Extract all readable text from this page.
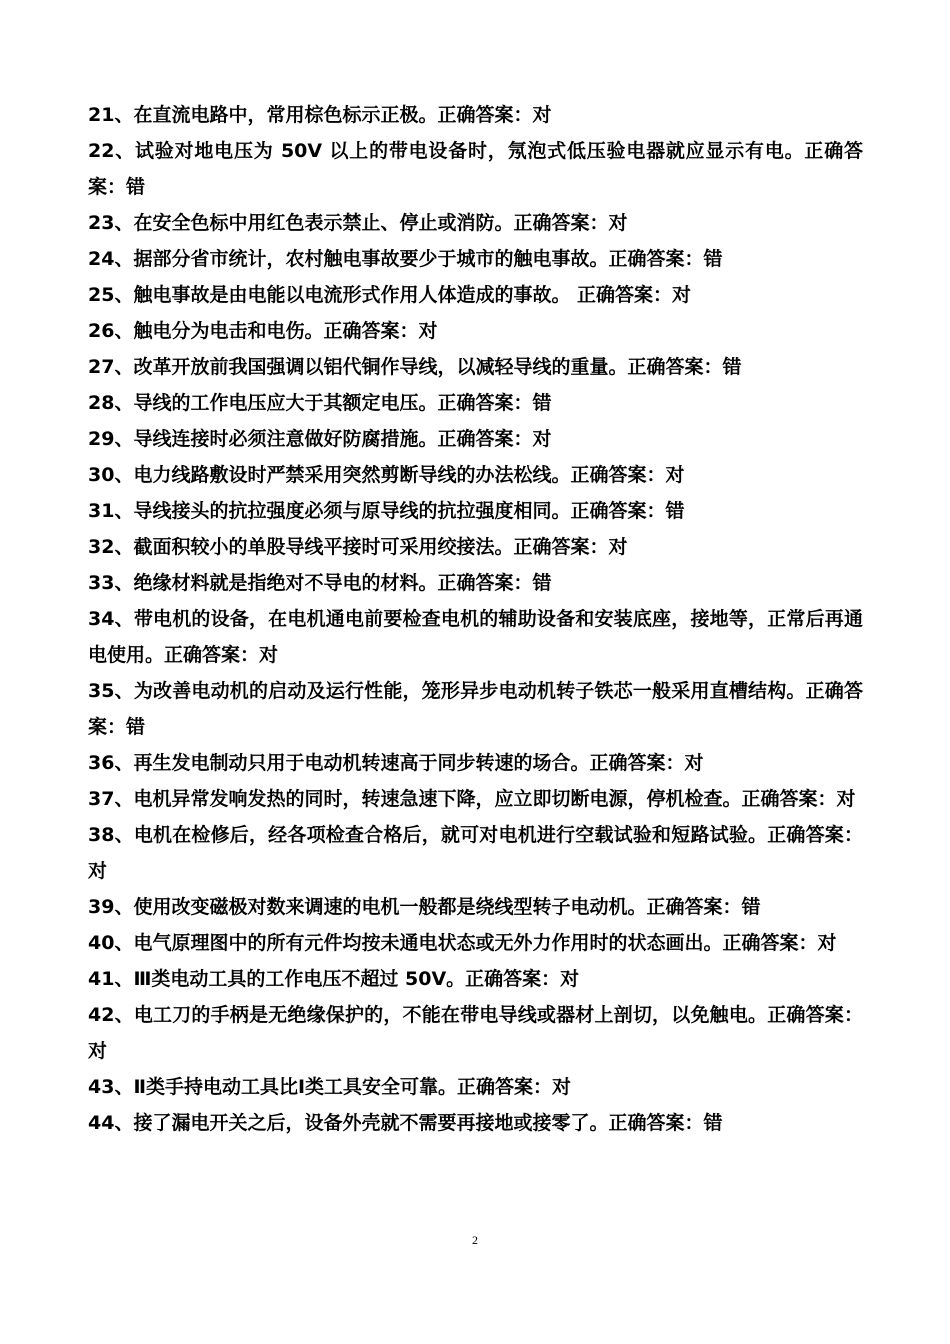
21、在直流电路中，常用棕色标示正极。正确答案：对

22、试验对地电压为 50V 以上的带电设备时，氖泡式低压验电器就应显示有电。正确答案：错

23、在安全色标中用红色表示禁止、停止或消防。正确答案：对

24、据部分省市统计，农村触电事故要少于城市的触电事故。正确答案：错

25、触电事故是由电能以电流形式作用人体造成的事故。 正确答案：对

26、触电分为电击和电伤。正确答案：对

27、改革开放前我国强调以铝代铜作导线，以减轻导线的重量。正确答案：错

28、导线的工作电压应大于其额定电压。正确答案：错

29、导线连接时必须注意做好防腐措施。正确答案：对

30、电力线路敷设时严禁采用突然剪断导线的办法松线。正确答案：对

31、导线接头的抗拉强度必须与原导线的抗拉强度相同。正确答案：错

32、截面积较小的单股导线平接时可采用绞接法。正确答案：对

33、绝缘材料就是指绝对不导电的材料。正确答案：错

34、带电机的设备，在电机通电前要检查电机的辅助设备和安装底座，接地等，正常后再通电使用。正确答案：对

35、为改善电动机的启动及运行性能，笼形异步电动机转子铁芯一般采用直槽结构。正确答案：错

36、再生发电制动只用于电动机转速高于同步转速的场合。正确答案：对

37、电机异常发响发热的同时，转速急速下降，应立即切断电源，停机检查。正确答案：对

38、电机在检修后，经各项检查合格后，就可对电机进行空载试验和短路试验。正确答案：对

39、使用改变磁极对数来调速的电机一般都是绕线型转子电动机。正确答案：错

40、电气原理图中的所有元件均按未通电状态或无外力作用时的状态画出。正确答案：对

41、Ⅲ类电动工具的工作电压不超过 50V。正确答案：对

42、电工刀的手柄是无绝缘保护的，不能在带电导线或器材上剖切，以免触电。正确答案：对

43、Ⅱ类手持电动工具比Ⅰ类工具安全可靠。正确答案：对

44、接了漏电开关之后，设备外壳就不需要再接地或接零了。正确答案：错

2
